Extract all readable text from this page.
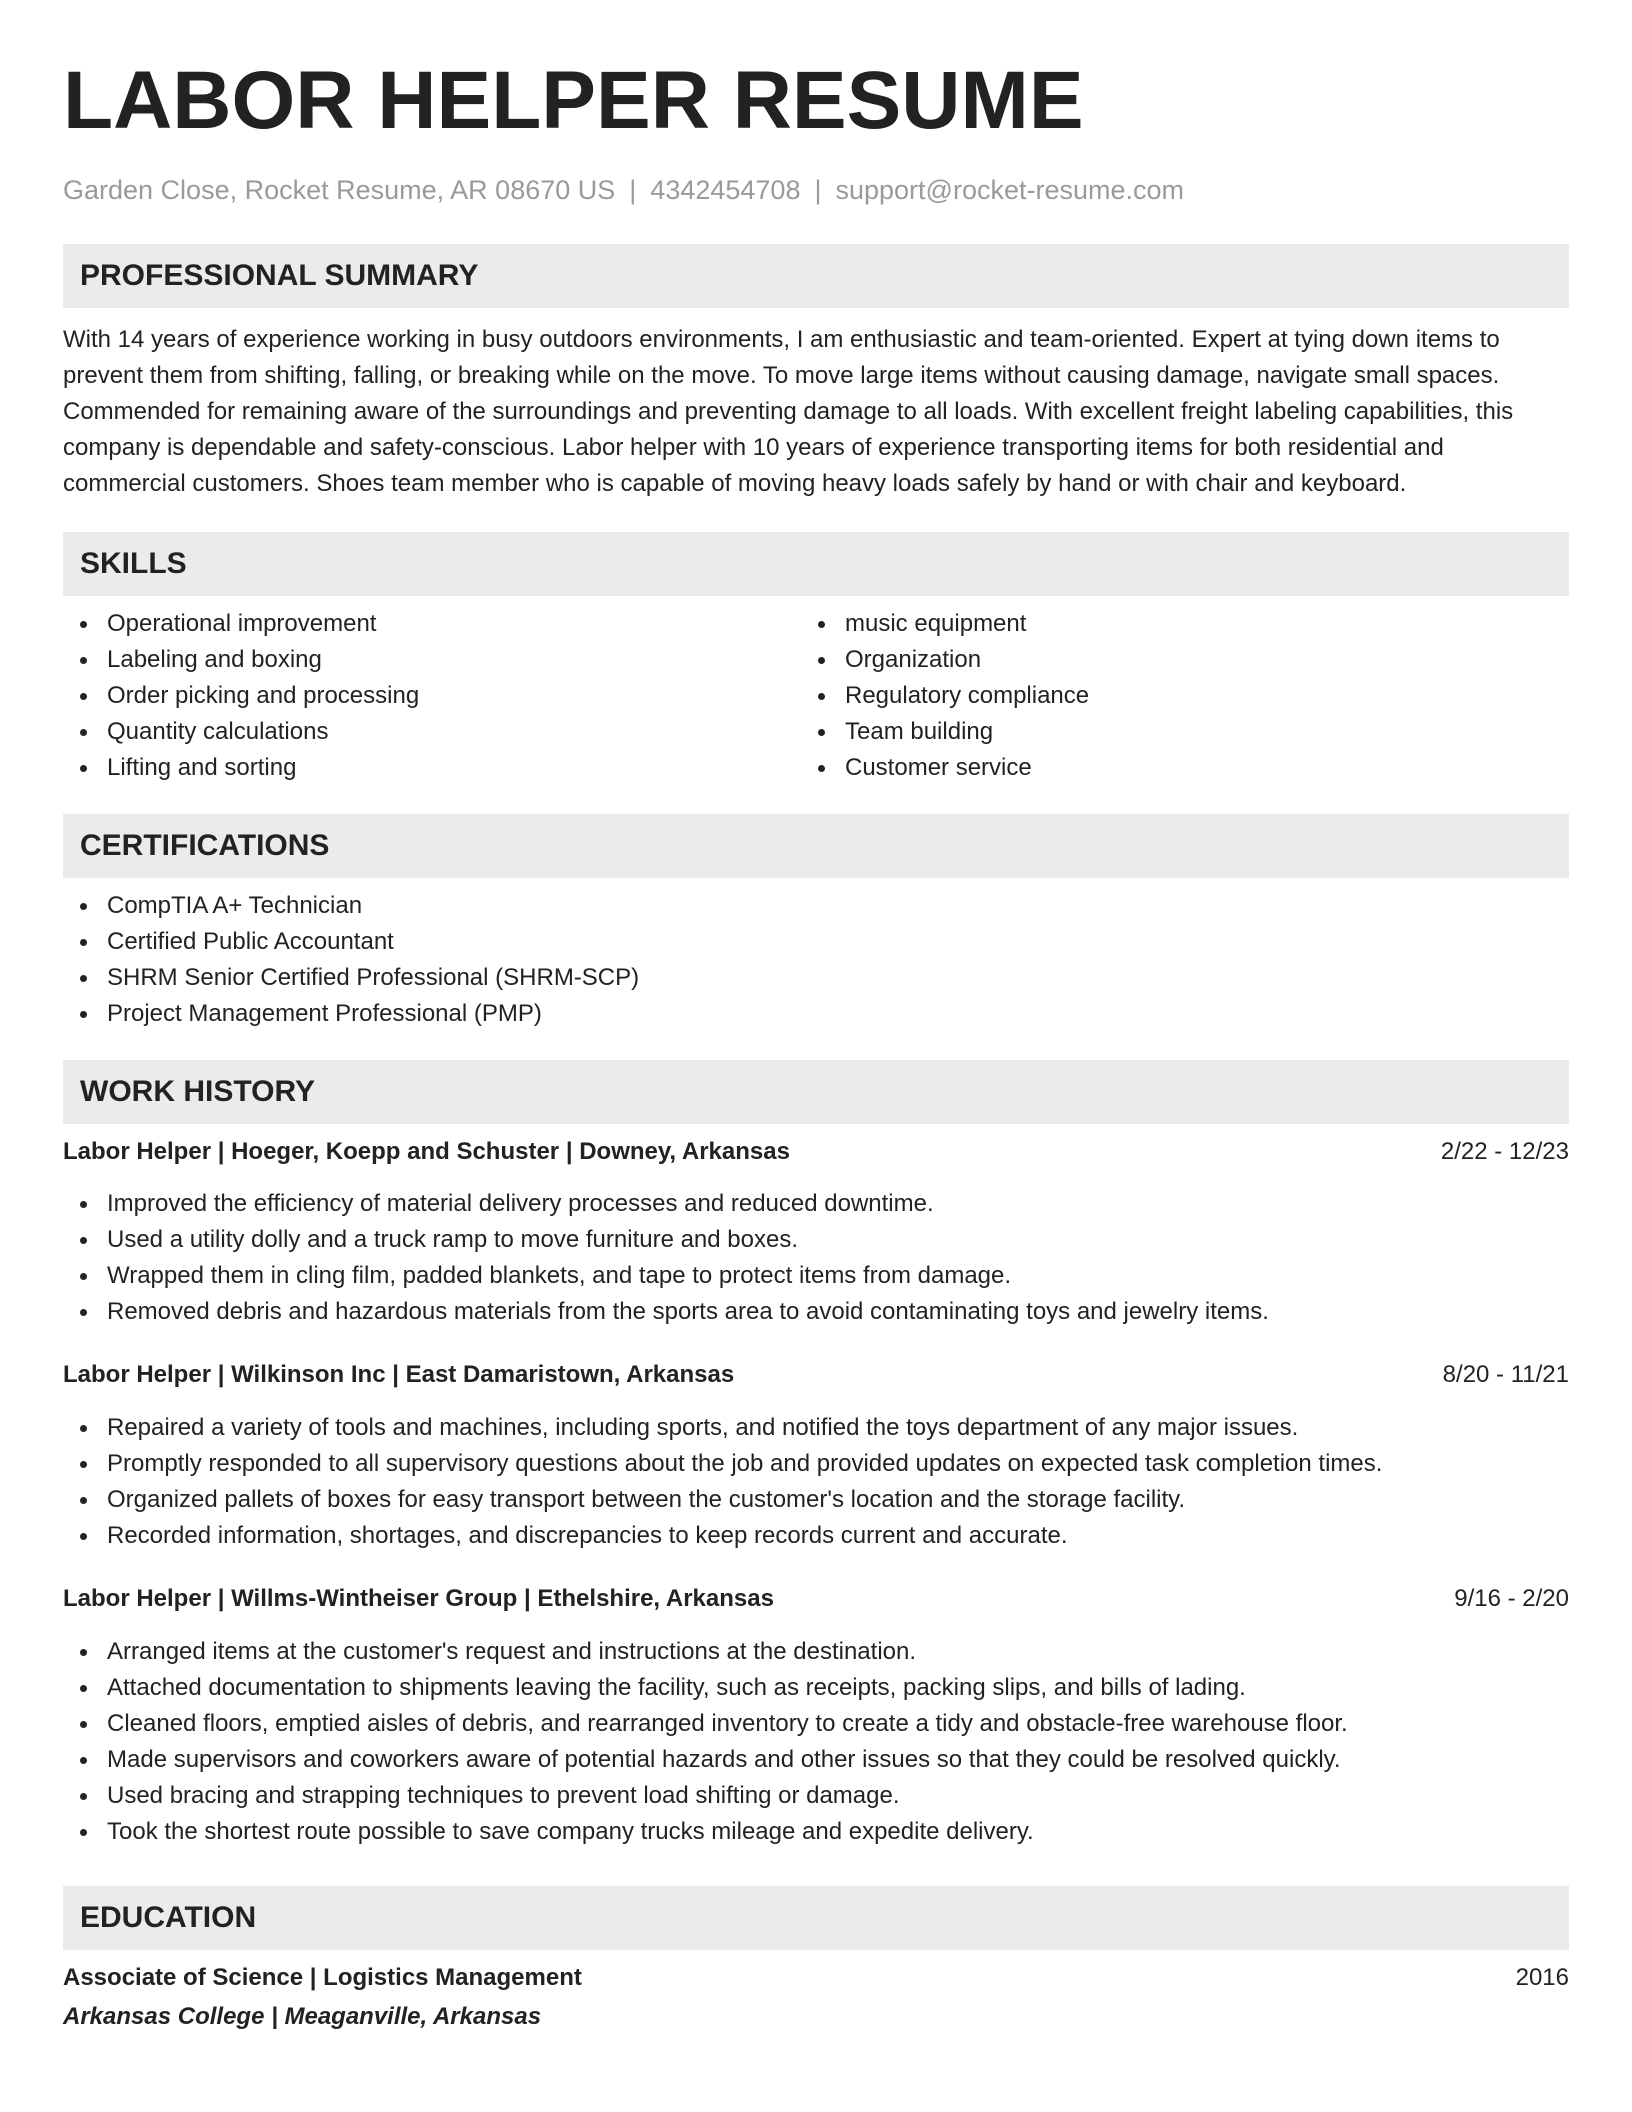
LABOR HELPER RESUME
Garden Close, Rocket Resume, AR 08670 US | 4342454708 | support@rocket-resume.com
PROFESSIONAL SUMMARY

With 14 years of experience working in busy outdoors environments, I am enthusiastic and team-oriented. Expert at tying down items to prevent them from shifting, falling, or breaking while on the move. To move large items without causing damage, navigate small spaces. Commended for remaining aware of the surroundings and preventing damage to all loads. With excellent freight labeling capabilities, this company is dependable and safety-conscious. Labor helper with 10 years of experience transporting items for both residential and commercial customers. Shoes team member who is capable of moving heavy loads safely by hand or with chair and keyboard.

SKILLS
Operational improvement
Labeling and boxing
Order picking and processing
Quantity calculations
Lifting and sorting
music equipment
Organization
Regulatory compliance
Team building
Customer service
CERTIFICATIONS
CompTIA A+ Technician
Certified Public Accountant
SHRM Senior Certified Professional (SHRM-SCP)
Project Management Professional (PMP)
WORK HISTORY
Labor Helper | Hoeger, Koepp and Schuster | Downey, Arkansas	2/22 - 12/23
Improved the efficiency of material delivery processes and reduced downtime.
Used a utility dolly and a truck ramp to move furniture and boxes.
Wrapped them in cling film, padded blankets, and tape to protect items from damage.
Removed debris and hazardous materials from the sports area to avoid contaminating toys and jewelry items.
Labor Helper | Wilkinson Inc | East Damaristown, Arkansas	8/20 - 11/21
Repaired a variety of tools and machines, including sports, and notified the toys department of any major issues.
Promptly responded to all supervisory questions about the job and provided updates on expected task completion times.
Organized pallets of boxes for easy transport between the customer's location and the storage facility.
Recorded information, shortages, and discrepancies to keep records current and accurate.
Labor Helper | Willms-Wintheiser Group | Ethelshire, Arkansas	9/16 - 2/20
Arranged items at the customer's request and instructions at the destination.
Attached documentation to shipments leaving the facility, such as receipts, packing slips, and bills of lading.
Cleaned floors, emptied aisles of debris, and rearranged inventory to create a tidy and obstacle-free warehouse floor.
Made supervisors and coworkers aware of potential hazards and other issues so that they could be resolved quickly.
Used bracing and strapping techniques to prevent load shifting or damage.
Took the shortest route possible to save company trucks mileage and expedite delivery.
EDUCATION
Associate of Science | Logistics Management	2016
Arkansas College | Meaganville, Arkansas
